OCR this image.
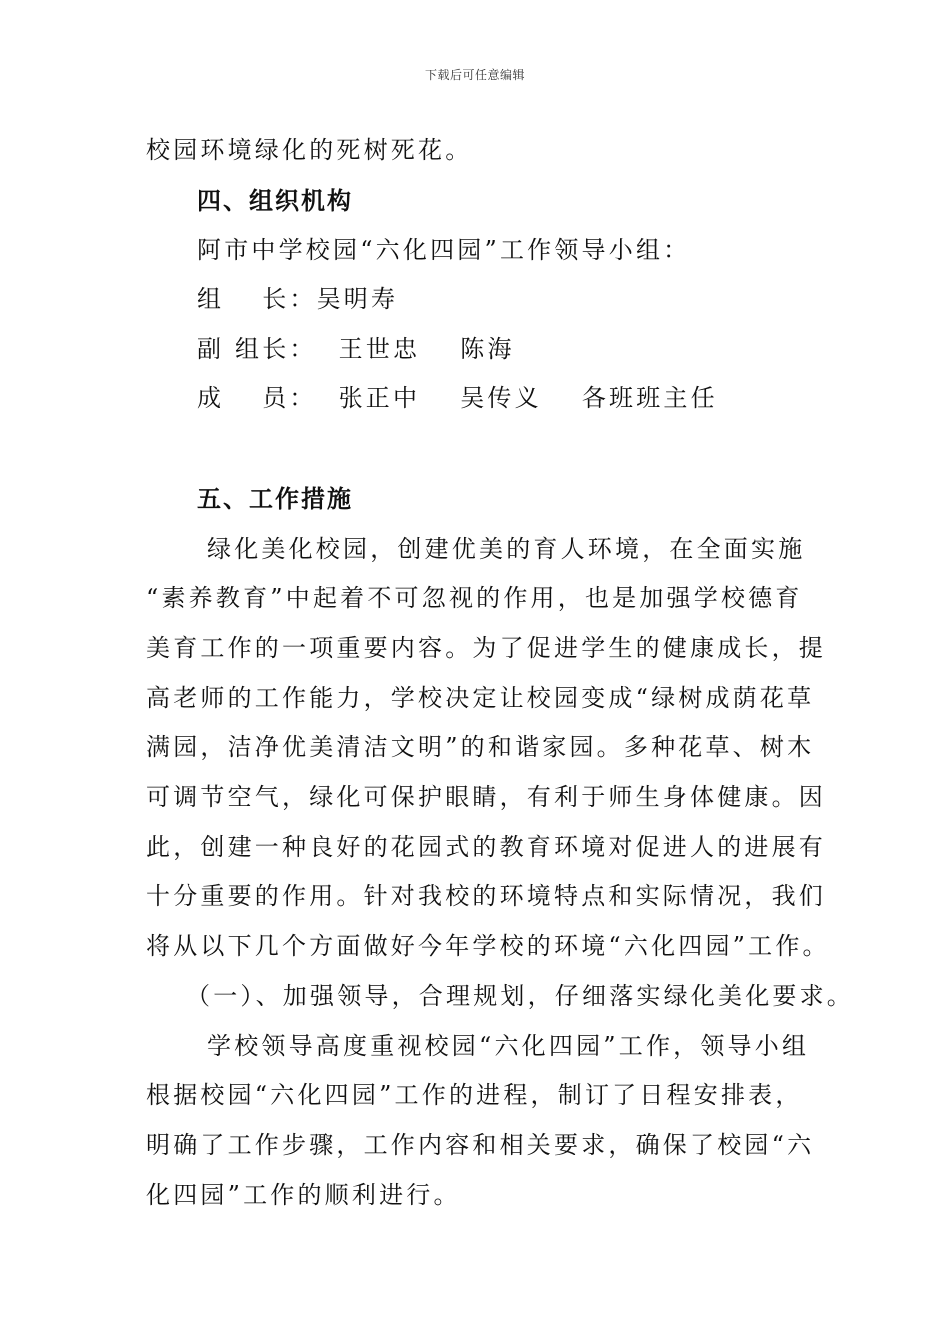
下载后可任意编辑
校园环境绿化的死树死花。
四、组织机构
阿市中学校园“六化四园”工作领导小组：
组 长：吴明寿
副 组长： 王世忠 陈海
成 员： 张正中 吴传义 各班班主任
五、工作措施
绿化美化校园，创建优美的育人环境，在全面实施
“素养教育”中起着不可忽视的作用，也是加强学校德育
美育工作的一项重要内容。为了促进学生的健康成长，提
高老师的工作能力，学校决定让校园变成“绿树成荫花草
满园，洁净优美清洁文明”的和谐家园。多种花草、树木
可调节空气，绿化可保护眼睛，有利于师生身体健康。因
此，创建一种良好的花园式的教育环境对促进人的进展有
十分重要的作用。针对我校的环境特点和实际情况，我们
将从以下几个方面做好今年学校的环境“六化四园”工作。
（一）、加强领导，合理规划，仔细落实绿化美化要求。
学校领导高度重视校园“六化四园”工作，领导小组
根据校园“六化四园”工作的进程，制订了日程安排表，
明确了工作步骤，工作内容和相关要求，确保了校园“六
化四园”工作的顺利进行。
